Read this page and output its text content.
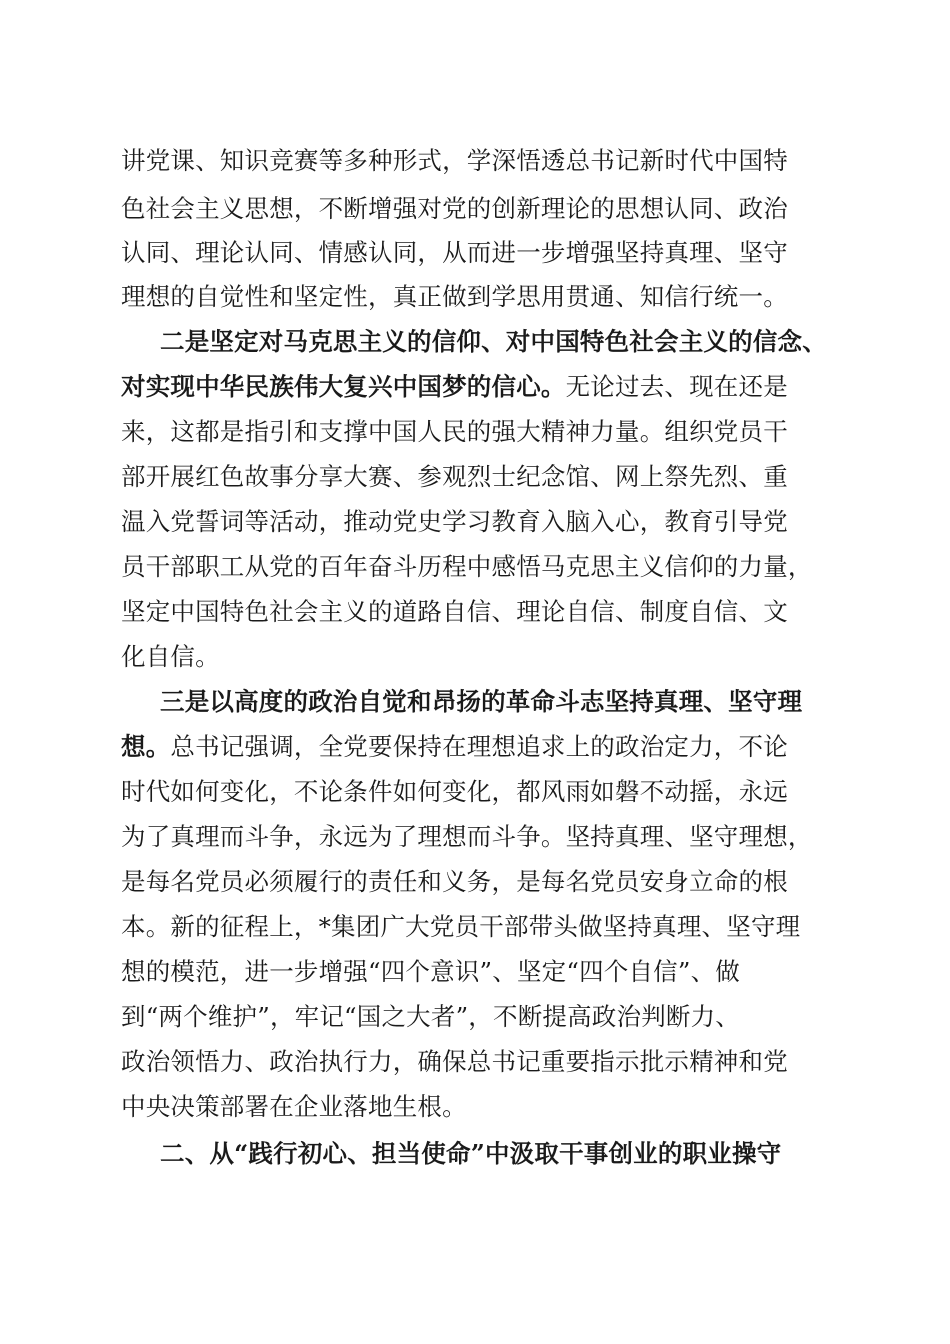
讲党课、知识竞赛等多种形式，学深悟透总书记新时代中国特
色社会主义思想，不断增强对党的创新理论的思想认同、政治
认同、理论认同、情感认同，从而进一步增强坚持真理、坚守
理想的自觉性和坚定性，真正做到学思用贯通、知信行统一。
二是坚定对马克思主义的信仰、对中国特色社会主义的信念、
对实现中华民族伟大复兴中国梦的信心。无论过去、现在还是
来，这都是指引和支撑中国人民的强大精神力量。组织党员干
部开展红色故事分享大赛、参观烈士纪念馆、网上祭先烈、重
温入党誓词等活动，推动党史学习教育入脑入心，教育引导党
员干部职工从党的百年奋斗历程中感悟马克思主义信仰的力量，
坚定中国特色社会主义的道路自信、理论自信、制度自信、文
化自信。
三是以高度的政治自觉和昂扬的革命斗志坚持真理、坚守理
想。总书记强调，全党要保持在理想追求上的政治定力，不论
时代如何变化，不论条件如何变化，都风雨如磐不动摇，永远
为了真理而斗争，永远为了理想而斗争。坚持真理、坚守理想，
是每名党员必须履行的责任和义务，是每名党员安身立命的根
本。新的征程上，*集团广大党员干部带头做坚持真理、坚守理
想的模范，进一步增强“四个意识”、坚定“四个自信”、做
到“两个维护”，牢记“国之大者”，不断提高政治判断力、
政治领悟力、政治执行力，确保总书记重要指示批示精神和党
中央决策部署在企业落地生根。
二、从“践行初心、担当使命”中汲取干事创业的职业操守
